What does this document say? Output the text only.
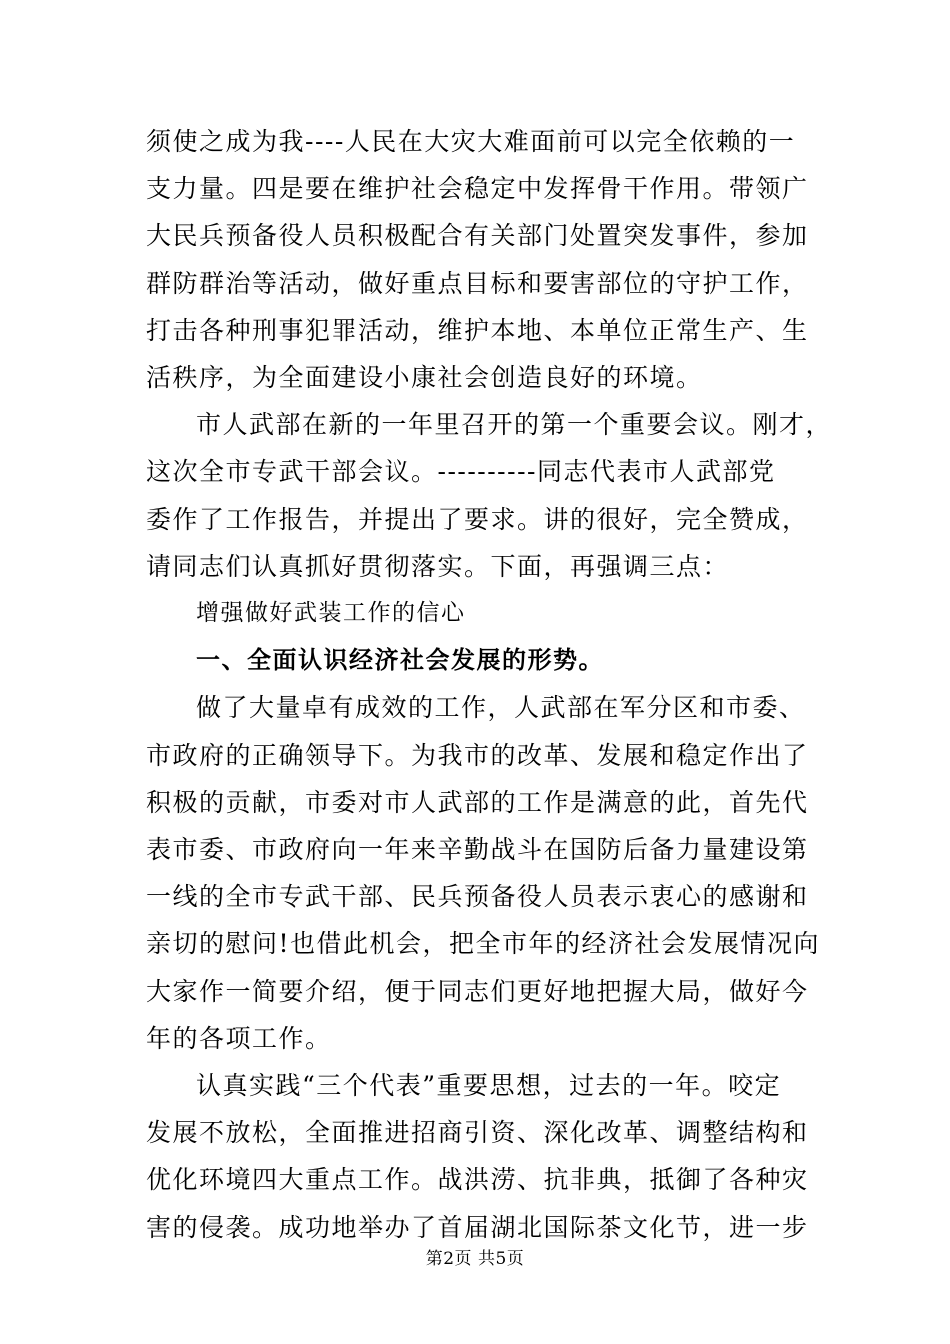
须使之成为我----人民在大灾大难面前可以完全依赖的一
支力量。四是要在维护社会稳定中发挥骨干作用。带领广
大民兵预备役人员积极配合有关部门处置突发事件，参加
群防群治等活动，做好重点目标和要害部位的守护工作，
打击各种刑事犯罪活动，维护本地、本单位正常生产、生
活秩序，为全面建设小康社会创造良好的环境。
市人武部在新的一年里召开的第一个重要会议。刚才，
这次全市专武干部会议。----------同志代表市人武部党
委作了工作报告，并提出了要求。讲的很好，完全赞成，
请同志们认真抓好贯彻落实。下面，再强调三点：
增强做好武装工作的信心
一、全面认识经济社会发展的形势。
做了大量卓有成效的工作，人武部在军分区和市委、
市政府的正确领导下。为我市的改革、发展和稳定作出了
积极的贡献，市委对市人武部的工作是满意的此，首先代
表市委、市政府向一年来辛勤战斗在国防后备力量建设第
一线的全市专武干部、民兵预备役人员表示衷心的感谢和
亲切的慰问!也借此机会，把全市年的经济社会发展情况向
大家作一简要介绍，便于同志们更好地把握大局，做好今
年的各项工作。
认真实践“三个代表”重要思想，过去的一年。咬定
发展不放松，全面推进招商引资、深化改革、调整结构和
优化环境四大重点工作。战洪涝、抗非典，抵御了各种灾
害的侵袭。成功地举办了首届湖北国际茶文化节，进一步
第2页 共5页
